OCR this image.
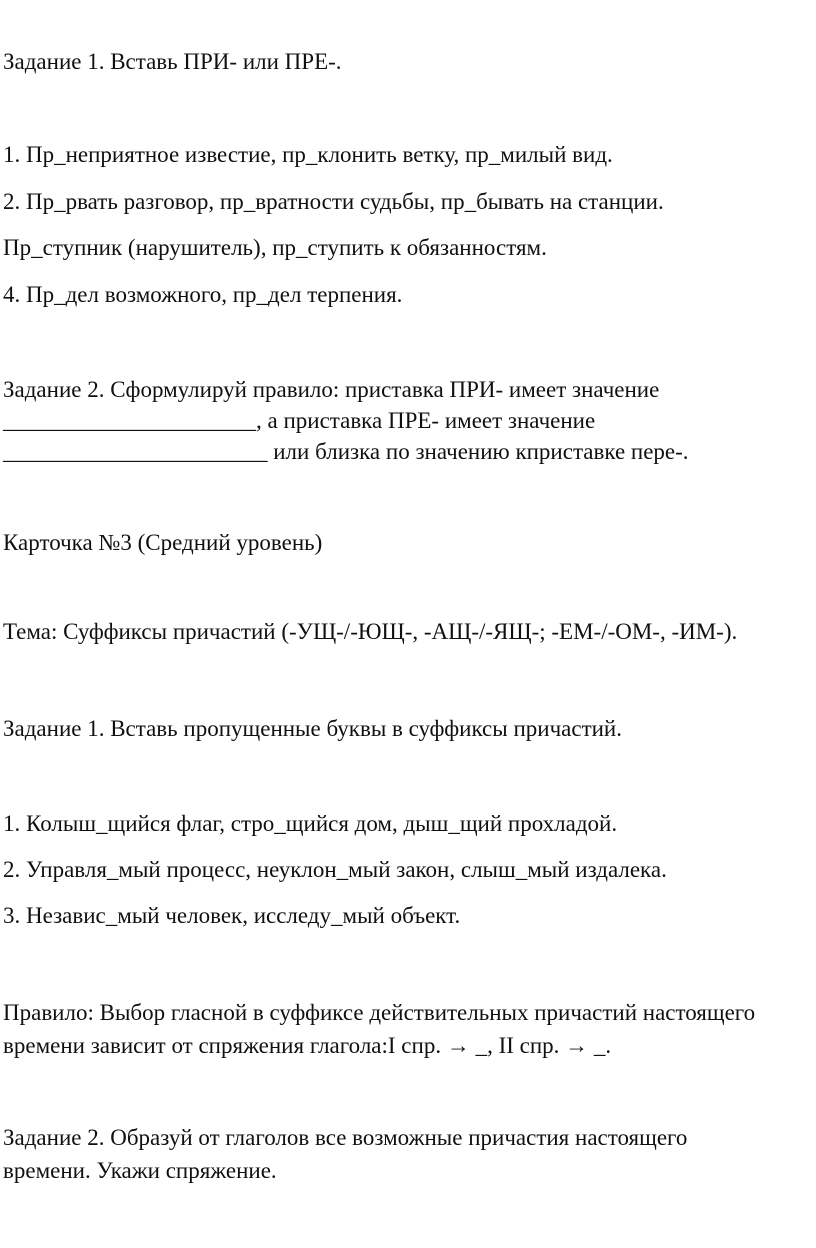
Задание 1. Вставь ПРИ- или ПРЕ-.
1. Пр_неприятное известие, пр_клонить ветку, пр_милый вид.
2. Пр_рвать разговор, пр_вратности судьбы, пр_бывать на станции.
Пр_ступник (нарушитель), пр_ступить к обязанностям.
4. Пр_дел возможного, пр_дел терпения.
Задание 2. Сформулируй правило: приставка ПРИ- имеет значение
______________________, а приставка ПРЕ- имеет значение
_______________________ или близка по значению кприставке пере-.
Карточка №3 (Средний уровень)
Тема: Суффиксы причастий (-УЩ-/-ЮЩ-, -АЩ-/-ЯЩ-; -ЕМ-/-ОМ-, -ИМ-).
Задание 1. Вставь пропущенные буквы в суффиксы причастий.
1. Колыш_щийся флаг, стро_щийся дом, дыш_щий прохладой.
2. Управля_мый процесс, неуклон_мый закон, слыш_мый издалека.
3. Независ_мый человек, исследу_мый объект.
Правило: Выбор гласной в суффиксе действительных причастий настоящего
времени зависит от спряжения глагола:I спр. → _, II спр. → _.
Задание 2. Образуй от глаголов все возможные причастия настоящего
времени. Укажи спряжение.
